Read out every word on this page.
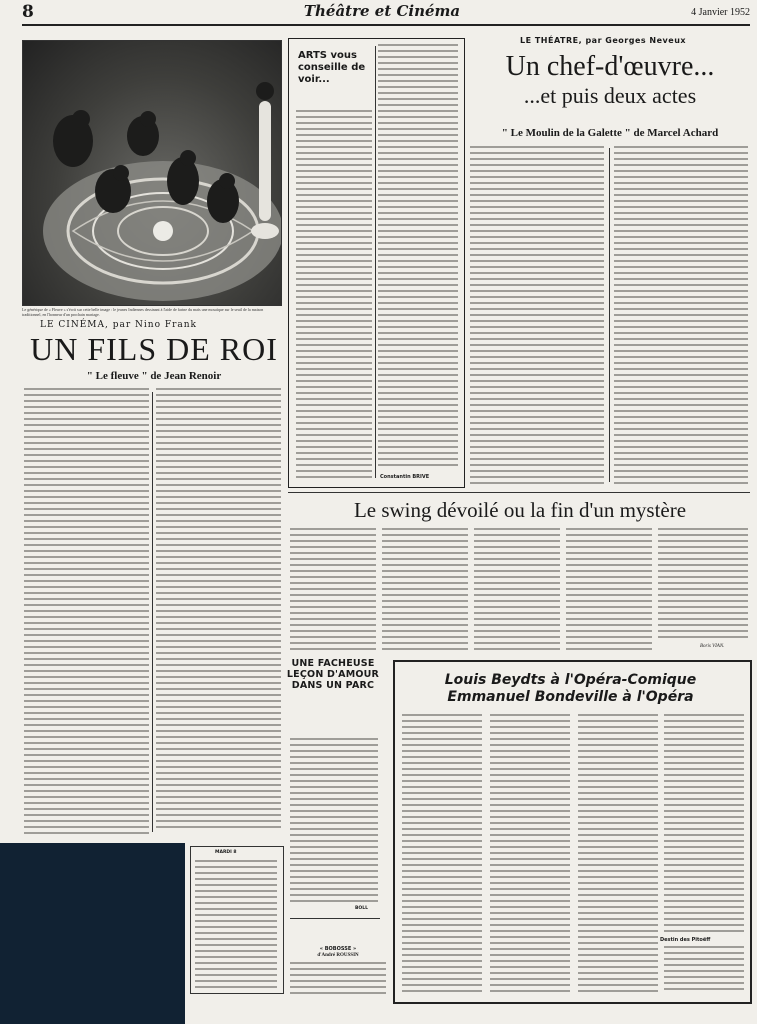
8	Théâtre et Cinéma	4 Janvier 1952
Le générique de « Fleuve » s'écrit sur cette belle image : le jeunes Indiennes dessinant à l'aide de farine du maïs une mosaïque sur le seuil de la maison traditionnel, en l'honneur d'un prochain mariage.
LE CINÉMA, par Nino Frank
UN FILS DE ROI
" Le fleuve " de Jean Renoir
MARDI 8
ARTS vous conseille de voir...
Constantin BRIVE
LE THÉATRE, par Georges Neveux
Un chef-d'œuvre...
...et puis deux actes
" Le Moulin de la Galette " de Marcel Achard
Le swing dévoilé ou la fin d'un mystère
Boris VIAN.
UNE FACHEUSE LEÇON D'AMOUR DANS UN PARC
BOLL
« BOBOSSE »
d'André ROUSSIN
Louis Beydts à l'Opéra-Comique
Emmanuel Bondeville à l'Opéra
Destin des Pitoëff
